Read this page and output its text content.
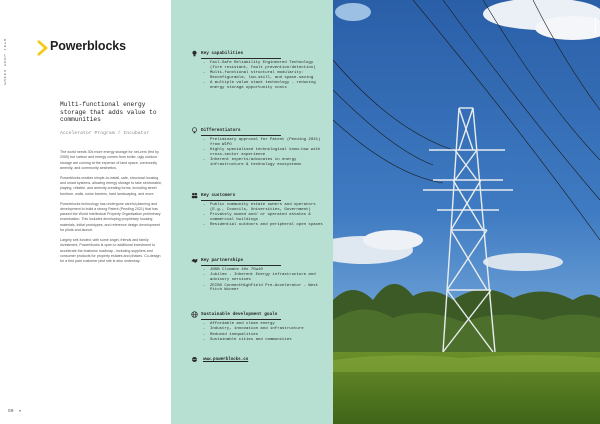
GREEN DEEP TECH	Powerblocks
Multi-functional energy storage that adds value to communities
Accelerator Program / Incubator

The world needs 30x more energy storage for net-zero (fed by 2050) but carbon and energy comes from boiler, ugly outdoor storage are coming at the expense of land space, community amenity, and community aesthetics.

Powerblocks creates simple-to-install, safe, structural housing and smart systems, allowing energy storage to take serviceable, playing, reliable, and amenity-creating forms, including street furniture, walls, noise barriers, hard landscaping, and more.

Powerblocks technology has undergone careful planning and development to build a strong Patent (Pending 2021) that has passed the World Intellectual Property Organisation preliminary examination. This includes developing proprietary housing materials, initial prototypes, and reference design development for pilots and launch.

Largely self-funded, with some angel, friends and family investment, Powerblocks is open to additional investment to accelerate the business roadmap - including suppliers and consumer products for property estates and phases. Co-design for a first paid customer pilot site is also underway.

50  ▸
Key capabilities
– Fail-Safe Reliability Engineered Technology (fire resistant, fault prevention/detection)
– Multi-functional structural modularity: Reconfigurable, low-skill, and space-saving
– A multiple value stack technology - reducing energy storage opportunity costs
Differentiators
– Preliminary approval for Patent (Pending 2021) from WIPO
– Highly specialised technological know-how with cross-sector experience
– Inherent experts/advocates in energy infrastructure & technology ecosystems
Key customers
– Public community estate owners and operators (E.g., Councils, Universities, Government)
– Privately owned and/ or operated estates & commercial buildings
– Residential outdoors and peripheral open spaces
Key partnerships
– JNSB Climate 10x 75w10
– Jubilee - Inherent Energy infrastructure and advisory services
– ZEIBO ConnectHighField Pre-Accelerator - West Pitch Winner
Sustainable development goals
– Affordable and clean energy
– Industry, innovation and infrastructure
– Reduced inequalities
– Sustainable cities and communities
www.powerblocks.co
